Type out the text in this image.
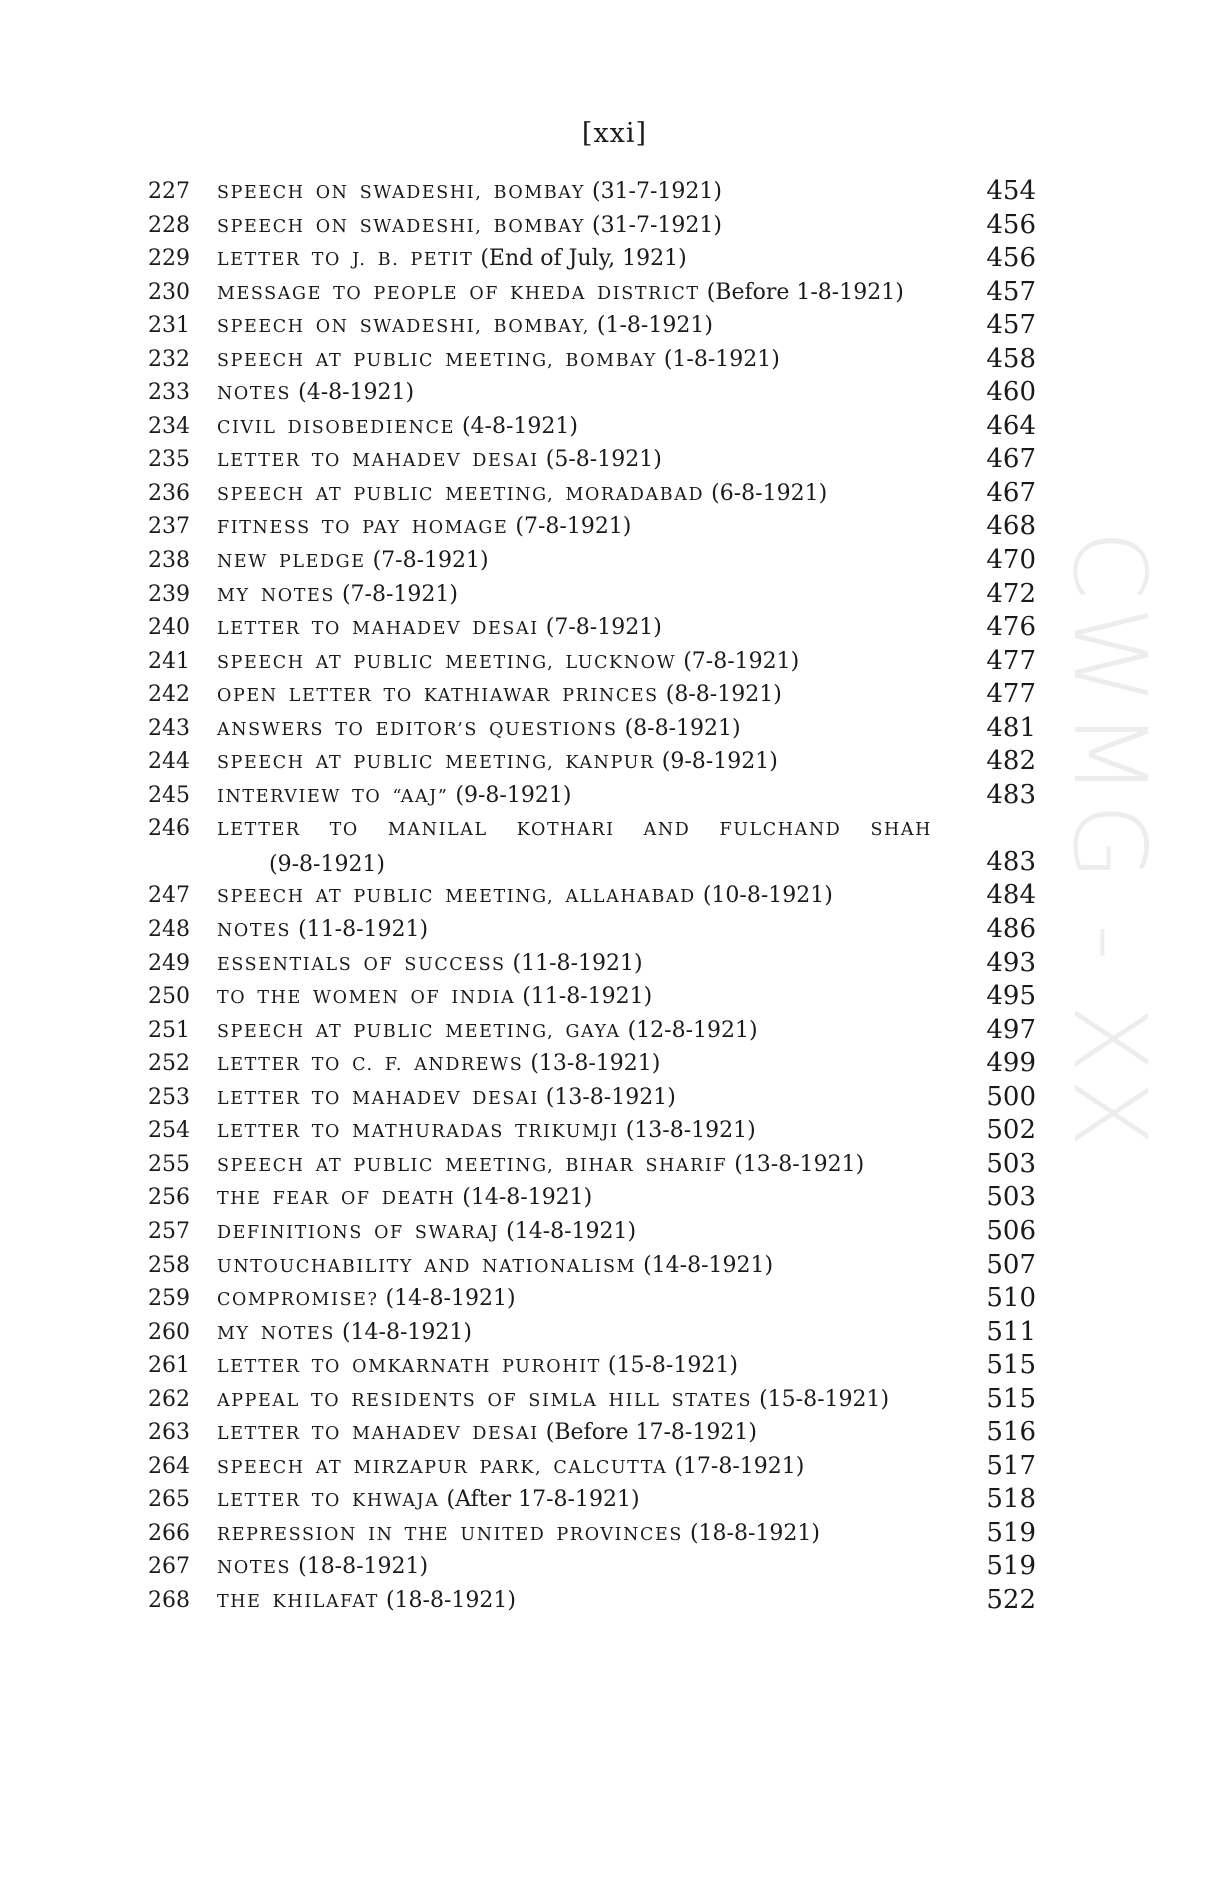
[xxi]
CWMG - XX
227 SPEECH ON SWADESHI, BOMBAY (31-7-1921)	454
228 SPEECH ON SWADESHI, BOMBAY (31-7-1921)	456
229 LETTER TO J. B. PETIT (End of July, 1921)	456
230 MESSAGE TO PEOPLE OF KHEDA DISTRICT (Before 1-8-1921)	457
231 SPEECH ON SWADESHI, BOMBAY, (1-8-1921)	457
232 SPEECH AT PUBLIC MEETING, BOMBAY (1-8-1921)	458
233 NOTES (4-8-1921)	460
234 CIVIL DISOBEDIENCE (4-8-1921)	464
235 LETTER TO MAHADEV DESAI (5-8-1921)	467
236 SPEECH AT PUBLIC MEETING, MORADABAD (6-8-1921)	467
237 FITNESS TO PAY HOMAGE (7-8-1921)	468
238 NEW PLEDGE (7-8-1921)	470
239 MY NOTES (7-8-1921)	472
240 LETTER TO MAHADEV DESAI (7-8-1921)	476
241 SPEECH AT PUBLIC MEETING, LUCKNOW (7-8-1921)	477
242 OPEN LETTER TO KATHIAWAR PRINCES (8-8-1921)	477
243 ANSWERS TO EDITOR’S QUESTIONS (8-8-1921)	481
244 SPEECH AT PUBLIC MEETING, KANPUR (9-8-1921)	482
245 INTERVIEW TO “AAJ” (9-8-1921)	483
246 LETTER TO MANILAL KOTHARI AND FULCHAND SHAH
(9-8-1921)	483
247 SPEECH AT PUBLIC MEETING, ALLAHABAD (10-8-1921)	484
248 NOTES (11-8-1921)	486
249 ESSENTIALS OF SUCCESS (11-8-1921)	493
250 TO THE WOMEN OF INDIA (11-8-1921)	495
251 SPEECH AT PUBLIC MEETING, GAYA (12-8-1921)	497
252 LETTER TO C. F. ANDREWS (13-8-1921)	499
253 LETTER TO MAHADEV DESAI (13-8-1921)	500
254 LETTER TO MATHURADAS TRIKUMJI (13-8-1921)	502
255 SPEECH AT PUBLIC MEETING, BIHAR SHARIF (13-8-1921)	503
256 THE FEAR OF DEATH (14-8-1921)	503
257 DEFINITIONS OF SWARAJ (14-8-1921)	506
258 UNTOUCHABILITY AND NATIONALISM (14-8-1921)	507
259 COMPROMISE? (14-8-1921)	510
260 MY NOTES (14-8-1921)	511
261 LETTER TO OMKARNATH PUROHIT (15-8-1921)	515
262 APPEAL TO RESIDENTS OF SIMLA HILL STATES (15-8-1921)	515
263 LETTER TO MAHADEV DESAI (Before 17-8-1921)	516
264 SPEECH AT MIRZAPUR PARK, CALCUTTA (17-8-1921)	517
265 LETTER TO KHWAJA (After 17-8-1921)	518
266 REPRESSION IN THE UNITED PROVINCES (18-8-1921)	519
267 NOTES (18-8-1921)	519
268 THE KHILAFAT (18-8-1921)	522
